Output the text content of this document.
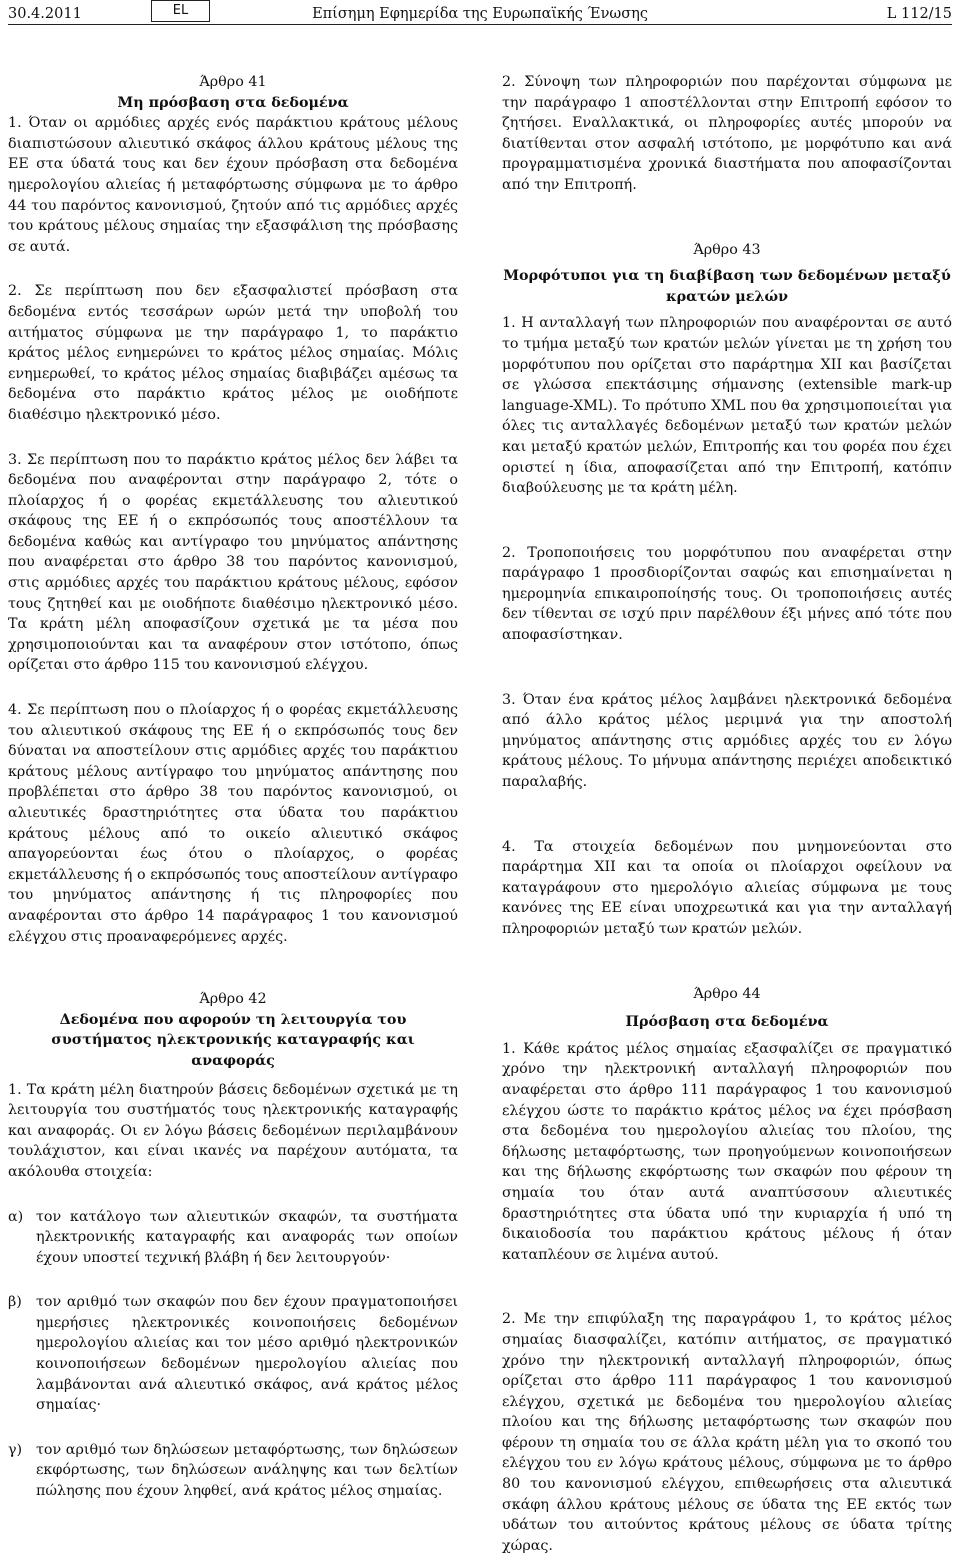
30.4.2011	EL	Επίσημη Εφημερίδα της Ευρωπαϊκής Ένωσης	L 112/15

Άρθρο 41

Μη πρόσβαση στα δεδομένα

1. Όταν οι αρμόδιες αρχές ενός παράκτιου κράτους μέλους διαπιστώσουν αλιευτικό σκάφος άλλου κράτους μέλους της ΕΕ στα ύδατά τους και δεν έχουν πρόσβαση στα δεδομένα ημερολογίου αλιείας ή μεταφόρτωσης σύμφωνα με το άρθρο 44 του παρόντος κανονισμού, ζητούν από τις αρμόδιες αρχές του κράτους μέλους σημαίας την εξασφάλιση της πρόσβασης σε αυτά.

2. Σε περίπτωση που δεν εξασφαλιστεί πρόσβαση στα δεδομένα εντός τεσσάρων ωρών μετά την υποβολή του αιτήματος σύμφωνα με την παράγραφο 1, το παράκτιο κράτος μέλος ενημερώνει το κράτος μέλος σημαίας. Μόλις ενημερωθεί, το κράτος μέλος σημαίας διαβιβάζει αμέσως τα δεδομένα στο παράκτιο κράτος μέλος με οιοδήποτε διαθέσιμο ηλεκτρονικό μέσο.

3. Σε περίπτωση που το παράκτιο κράτος μέλος δεν λάβει τα δεδομένα που αναφέρονται στην παράγραφο 2, τότε ο πλοίαρχος ή ο φορέας εκμετάλλευσης του αλιευτικού σκάφους της ΕΕ ή ο εκπρόσωπός τους αποστέλλουν τα δεδομένα καθώς και αντίγραφο του μηνύματος απάντησης που αναφέρεται στο άρθρο 38 του παρόντος κανονισμού, στις αρμόδιες αρχές του παράκτιου κράτους μέλους, εφόσον τους ζητηθεί και με οιοδήποτε διαθέσιμο ηλεκτρονικό μέσο. Τα κράτη μέλη αποφασίζουν σχετικά με τα μέσα που χρησιμοποιούνται και τα αναφέρουν στον ιστότοπο, όπως ορίζεται στο άρθρο 115 του κανονισμού ελέγχου.

4. Σε περίπτωση που ο πλοίαρχος ή ο φορέας εκμετάλλευσης του αλιευτικού σκάφους της ΕΕ ή ο εκπρόσωπός τους δεν δύναται να αποστείλουν στις αρμόδιες αρχές του παράκτιου κράτους μέλους αντίγραφο του μηνύματος απάντησης που προβλέπεται στο άρθρο 38 του παρόντος κανονισμού, οι αλιευτικές δραστηριότητες στα ύδατα του παράκτιου κράτους μέλους από το οικείο αλιευτικό σκάφος απαγορεύονται έως ότου ο πλοίαρχος, ο φορέας εκμετάλλευσης ή ο εκπρόσωπός τους αποστείλουν αντίγραφο του μηνύματος απάντησης ή τις πληροφορίες που αναφέρονται στο άρθρο 14 παράγραφος 1 του κανονισμού ελέγχου στις προαναφερόμενες αρχές.

Άρθρο 42

Δεδομένα που αφορούν τη λειτουργία του συστήματος ηλεκτρονικής καταγραφής και αναφοράς

1. Τα κράτη μέλη διατηρούν βάσεις δεδομένων σχετικά με τη λειτουργία του συστήματός τους ηλεκτρονικής καταγραφής και αναφοράς. Οι εν λόγω βάσεις δεδομένων περιλαμβάνουν τουλάχιστον, και είναι ικανές να παρέχουν αυτόματα, τα ακόλουθα στοιχεία:

α) τον κατάλογο των αλιευτικών σκαφών, τα συστήματα ηλεκτρονικής καταγραφής και αναφοράς των οποίων έχουν υποστεί τεχνική βλάβη ή δεν λειτουργούν·
β) τον αριθμό των σκαφών που δεν έχουν πραγματοποιήσει ημερήσιες ηλεκτρονικές κοινοποιήσεις δεδομένων ημερολογίου αλιείας και τον μέσο αριθμό ηλεκτρονικών κοινοποιήσεων δεδομένων ημερολογίου αλιείας που λαμβάνονται ανά αλιευτικό σκάφος, ανά κράτος μέλος σημαίας·
γ) τον αριθμό των δηλώσεων μεταφόρτωσης, των δηλώσεων εκφόρτωσης, των δηλώσεων ανάληψης και των δελτίων πώλησης που έχουν ληφθεί, ανά κράτος μέλος σημαίας.

2. Σύνοψη των πληροφοριών που παρέχονται σύμφωνα με την παράγραφο 1 αποστέλλονται στην Επιτροπή εφόσον το ζητήσει. Εναλλακτικά, οι πληροφορίες αυτές μπορούν να διατίθενται στον ασφαλή ιστότοπο, με μορφότυπο και ανά προγραμματισμένα χρονικά διαστήματα που αποφασίζονται από την Επιτροπή.

Άρθρο 43

Μορφότυποι για τη διαβίβαση των δεδομένων μεταξύ κρατών μελών

1. Η ανταλλαγή των πληροφοριών που αναφέρονται σε αυτό το τμήμα μεταξύ των κρατών μελών γίνεται με τη χρήση του μορφότυπου που ορίζεται στο παράρτημα XII και βασίζεται σε γλώσσα επεκτάσιμης σήμανσης (extensible mark-up language-XML). Το πρότυπο XML που θα χρησιμοποιείται για όλες τις ανταλλαγές δεδομένων μεταξύ των κρατών μελών και μεταξύ κρατών μελών, Επιτροπής και του φορέα που έχει οριστεί η ίδια, αποφασίζεται από την Επιτροπή, κατόπιν διαβούλευσης με τα κράτη μέλη.

2. Τροποποιήσεις του μορφότυπου που αναφέρεται στην παράγραφο 1 προσδιορίζονται σαφώς και επισημαίνεται η ημερομηνία επικαιροποίησής τους. Οι τροποποιήσεις αυτές δεν τίθενται σε ισχύ πριν παρέλθουν έξι μήνες από τότε που αποφασίστηκαν.

3. Όταν ένα κράτος μέλος λαμβάνει ηλεκτρονικά δεδομένα από άλλο κράτος μέλος μεριμνά για την αποστολή μηνύματος απάντησης στις αρμόδιες αρχές του εν λόγω κράτους μέλους. Το μήνυμα απάντησης περιέχει αποδεικτικό παραλαβής.

4. Τα στοιχεία δεδομένων που μνημονεύονται στο παράρτημα XII και τα οποία οι πλοίαρχοι οφείλουν να καταγράφουν στο ημερολόγιο αλιείας σύμφωνα με τους κανόνες της ΕΕ είναι υποχρεωτικά και για την ανταλλαγή πληροφοριών μεταξύ των κρατών μελών.

Άρθρο 44

Πρόσβαση στα δεδομένα

1. Κάθε κράτος μέλος σημαίας εξασφαλίζει σε πραγματικό χρόνο την ηλεκτρονική ανταλλαγή πληροφοριών που αναφέρεται στο άρθρο 111 παράγραφος 1 του κανονισμού ελέγχου ώστε το παράκτιο κράτος μέλος να έχει πρόσβαση στα δεδομένα του ημερολογίου αλιείας του πλοίου, της δήλωσης μεταφόρτωσης, των προηγούμενων κοινοποιήσεων και της δήλωσης εκφόρτωσης των σκαφών που φέρουν τη σημαία του όταν αυτά αναπτύσσουν αλιευτικές δραστηριότητες στα ύδατα υπό την κυριαρχία ή υπό τη δικαιοδοσία του παράκτιου κράτους μέλους ή όταν καταπλέουν σε λιμένα αυτού.

2. Με την επιφύλαξη της παραγράφου 1, το κράτος μέλος σημαίας διασφαλίζει, κατόπιν αιτήματος, σε πραγματικό χρόνο την ηλεκτρονική ανταλλαγή πληροφοριών, όπως ορίζεται στο άρθρο 111 παράγραφος 1 του κανονισμού ελέγχου, σχετικά με δεδομένα του ημερολογίου αλιείας πλοίου και της δήλωσης μεταφόρτωσης των σκαφών που φέρουν τη σημαία του σε άλλα κράτη μέλη για το σκοπό του ελέγχου του εν λόγω κράτους μέλους, σύμφωνα με το άρθρο 80 του κανονισμού ελέγχου, επιθεωρήσεις στα αλιευτικά σκάφη άλλου κράτους μέλους σε ύδατα της ΕΕ εκτός των υδάτων του αιτούντος κράτους μέλους σε ύδατα τρίτης χώρας.
